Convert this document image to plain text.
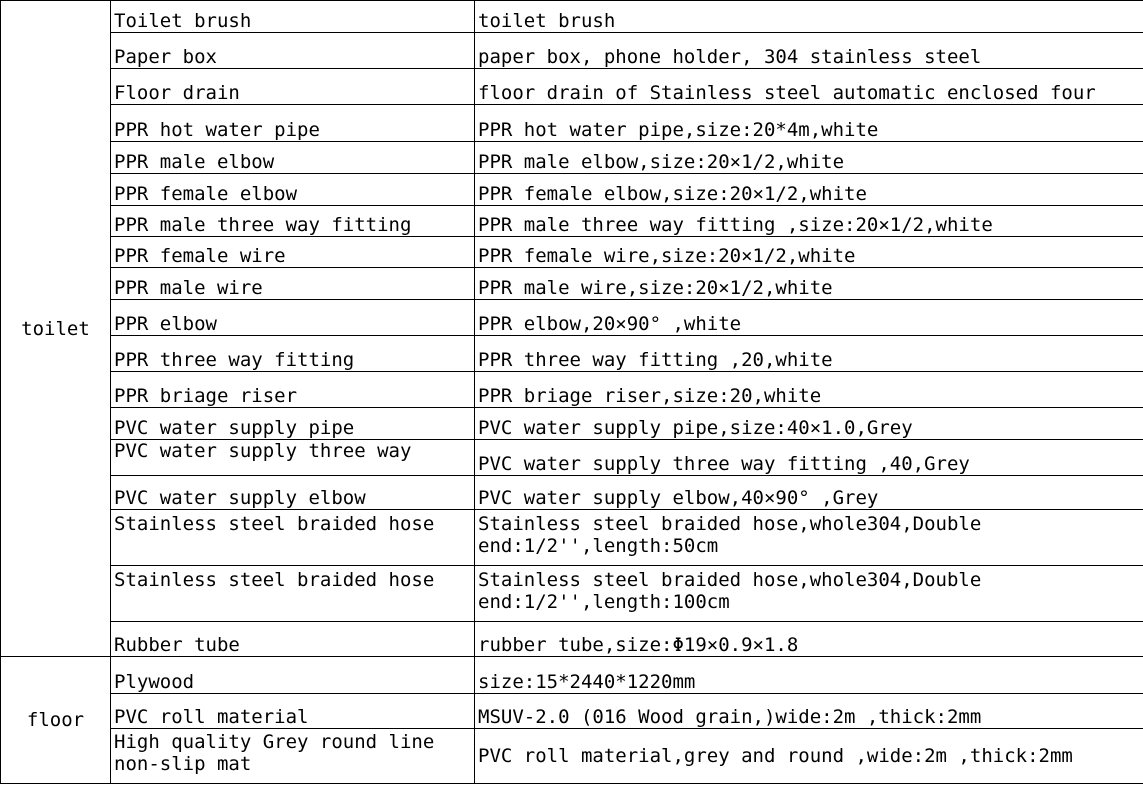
toilet	Toilet brush	toilet brush
	Paper box	paper box, phone holder, 304 stainless steel
	Floor drain	floor drain of Stainless steel automatic enclosed four
	PPR hot water pipe	PPR hot water pipe,size:20*4m,white
	PPR male elbow	PPR male elbow,size:20×1/2,white
	PPR female elbow	PPR female elbow,size:20×1/2,white
	PPR male three way fitting	PPR male three way fitting ,size:20×1/2,white
	PPR female wire	PPR female wire,size:20×1/2,white
	PPR male wire	PPR male wire,size:20×1/2,white
	PPR elbow	PPR elbow,20×90° ,white
	PPR three way fitting	PPR three way fitting ,20,white
	PPR briage riser	PPR briage riser,size:20,white
	PVC water supply pipe	PVC water supply pipe,size:40×1.0,Grey
	PVC water supply three way	PVC water supply three way fitting ,40,Grey
	PVC water supply elbow	PVC water supply elbow,40×90° ,Grey
	Stainless steel braided hose	Stainless steel braided hose,whole304,Double end:1/2'',length:50cm
	Stainless steel braided hose	Stainless steel braided hose,whole304,Double end:1/2'',length:100cm
	Rubber tube	rubber tube,size:Φ19×0.9×1.8
floor	Plywood	size:15*2440*1220mm
	PVC roll material	MSUV-2.0 (016 Wood grain,)wide:2m ,thick:2mm
	High quality Grey round line non-slip mat	PVC roll material,grey and round ,wide:2m ,thick:2mm
